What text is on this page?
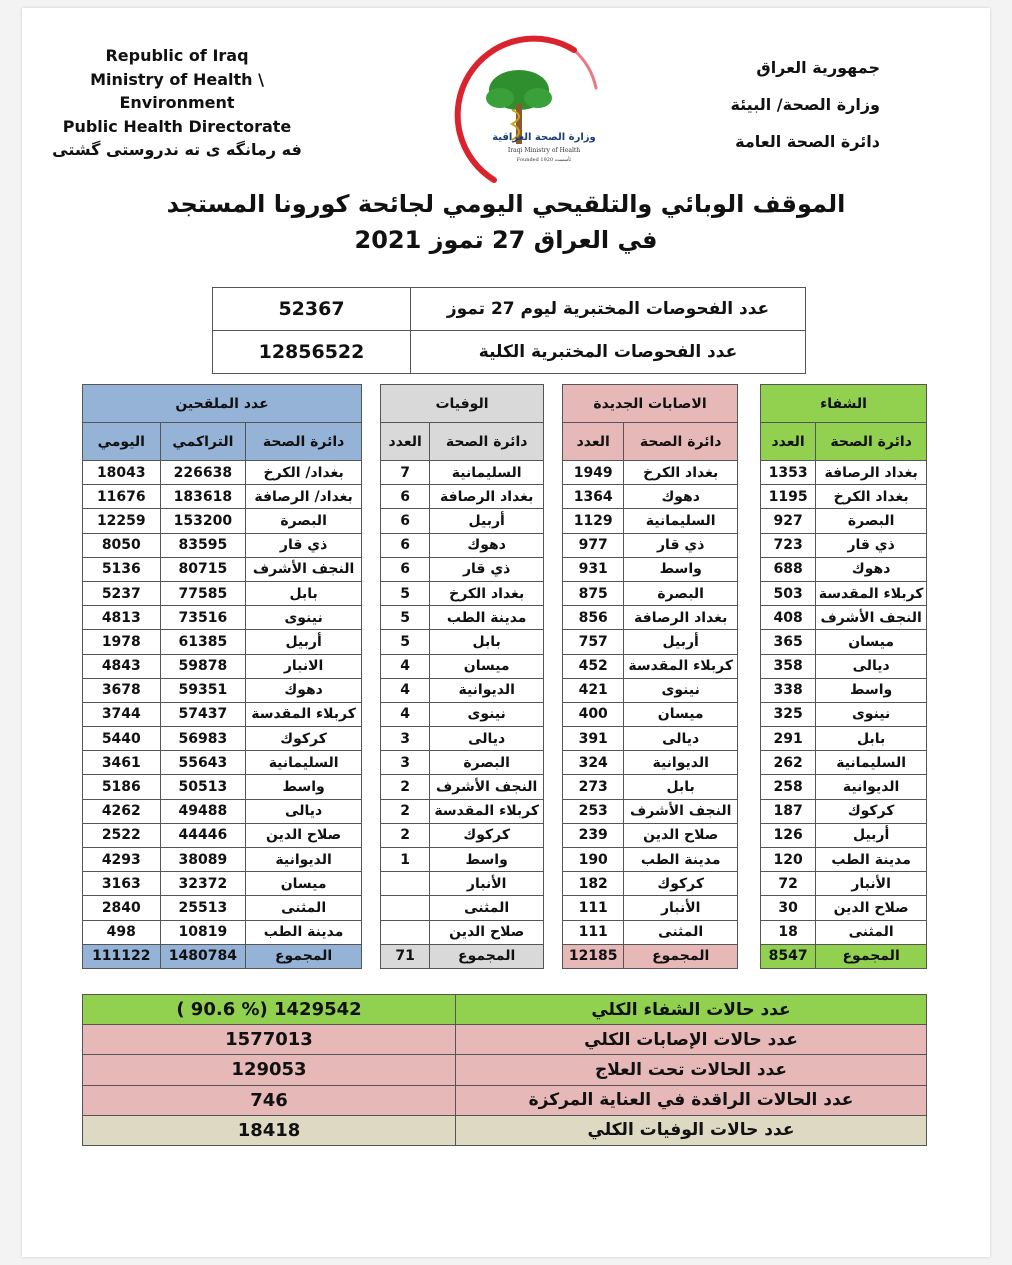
Republic of Iraq
Ministry of Health \ Environment
Public Health Directorate
فه رمانگه ی ته ندروستی گشتی
وزارة الصحة العراقية
Iraqi Ministry of Health
Founded 1920 تأسست
جمهورية العراق
وزارة الصحة/ البيئة
دائرة الصحة العامة
الموقف الوبائي والتلقيحي اليومي لجائحة كورونا المستجد
في العراق 27 تموز 2021
52367	عدد الفحوصات المختبرية ليوم 27 تموز
12856522	عدد الفحوصات المختبرية الكلية
عدد الملقحين		
اليومي	التراكمي	دائرة الصحة
18043	226638	بغداد/ الكرخ
11676	183618	بغداد/ الرصافة
12259	153200	البصرة
8050	83595	ذي قار
5136	80715	النجف الأشرف
5237	77585	بابل
4813	73516	نينوى
1978	61385	أربيل
4843	59878	الانبار
3678	59351	دهوك
3744	57437	كربلاء المقدسة
5440	56983	كركوك
3461	55643	السليمانية
5186	50513	واسط
4262	49488	ديالى
2522	44446	صلاح الدين
4293	38089	الديوانية
3163	32372	ميسان
2840	25513	المثنى
498	10819	مدينة الطب
111122	1480784	المجموع
الوفيات	
العدد	دائرة الصحة
7	السليمانية
6	بغداد الرصافة
6	أربيل
6	دهوك
6	ذي قار
5	بغداد الكرخ
5	مدينة الطب
5	بابل
4	ميسان
4	الديوانية
4	نينوى
3	ديالى
3	البصرة
2	النجف الأشرف
2	كربلاء المقدسة
2	كركوك
1	واسط
	الأنبار
	المثنى
	صلاح الدين
71	المجموع
الاصابات الجديدة	
العدد	دائرة الصحة
1949	بغداد الكرخ
1364	دهوك
1129	السليمانية
977	ذي قار
931	واسط
875	البصرة
856	بغداد الرصافة
757	أربيل
452	كربلاء المقدسة
421	نينوى
400	ميسان
391	ديالى
324	الديوانية
273	بابل
253	النجف الأشرف
239	صلاح الدين
190	مدينة الطب
182	كركوك
111	الأنبار
111	المثنى
12185	المجموع
الشفاء	
العدد	دائرة الصحة
1353	بغداد الرصافة
1195	بغداد الكرخ
927	البصرة
723	ذي قار
688	دهوك
503	كربلاء المقدسة
408	النجف الأشرف
365	ميسان
358	ديالى
338	واسط
325	نينوى
291	بابل
262	السليمانية
258	الديوانية
187	كركوك
126	أربيل
120	مدينة الطب
72	الأنبار
30	صلاح الدين
18	المثنى
8547	المجموع
( 90.6 %) 1429542	عدد حالات الشفاء الكلي
1577013	عدد حالات الإصابات الكلي
129053	عدد الحالات تحت العلاج
746	عدد الحالات الراقدة في العناية المركزة
18418	عدد حالات الوفيات الكلي
